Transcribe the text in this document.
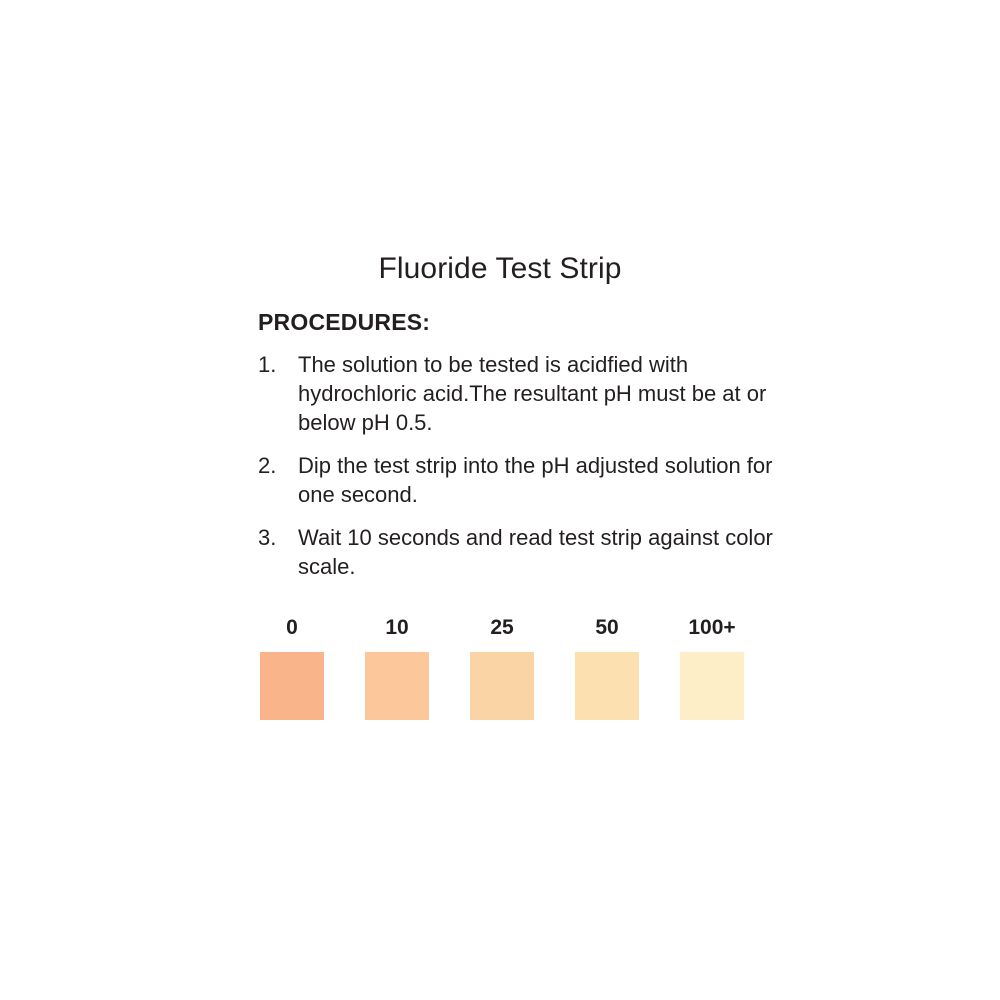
Fluoride Test Strip
PROCEDURES:
1. The solution to be tested is acidfied with hydrochloric acid.The resultant pH must be at or below pH 0.5.
2. Dip the test strip into the pH adjusted solution for one second.
3. Wait 10 seconds and read test strip against color scale.
0	10	25	50	100+
